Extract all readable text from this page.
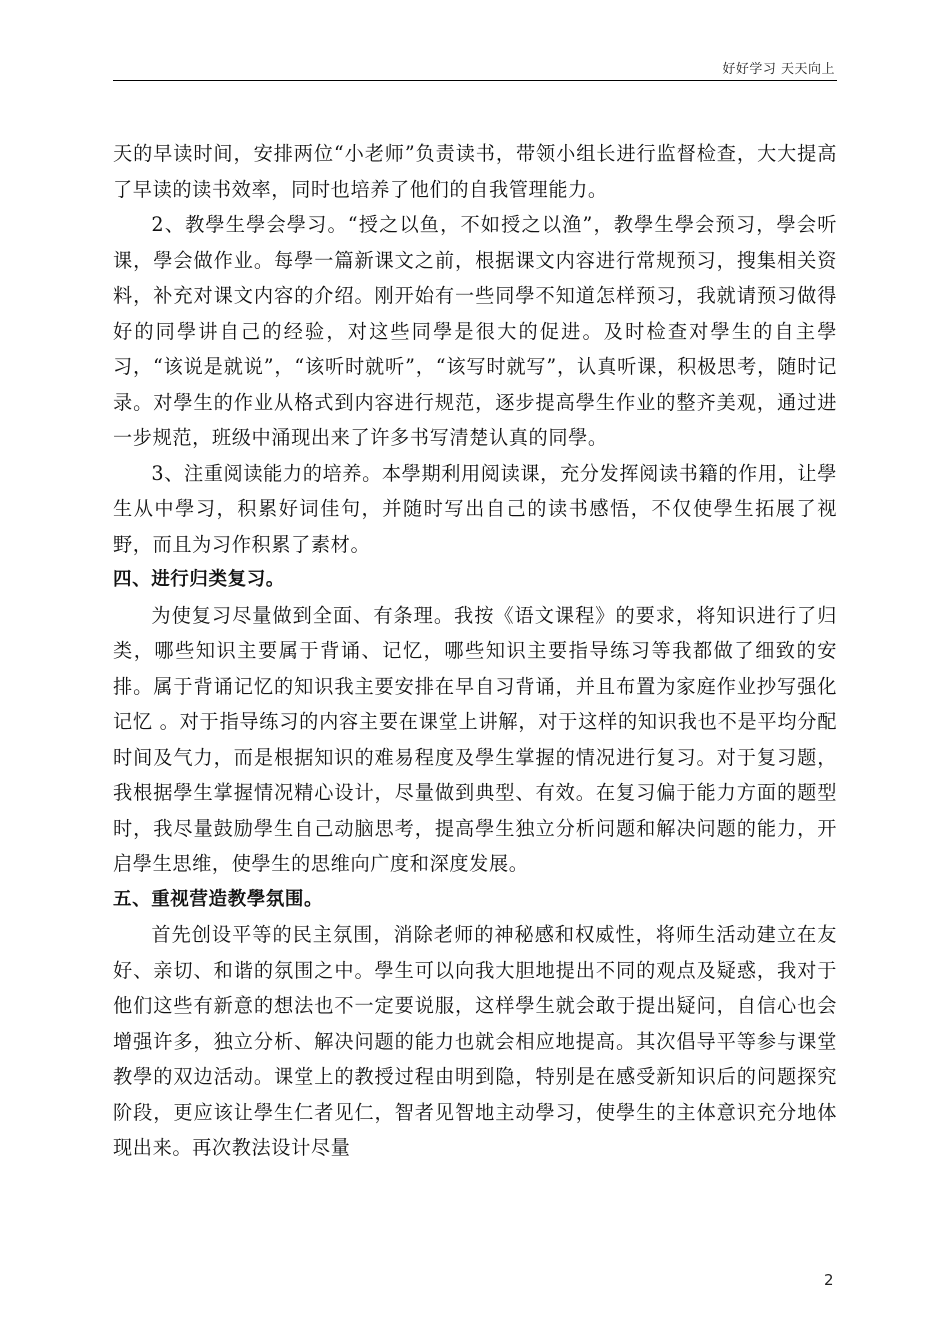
好好学习 天天向上

天的早读时间，安排两位“小老师”负责读书，带领小组长进行监督检查，大大提高了早读的读书效率，同时也培养了他们的自我管理能力。

2、教學生學会學习。“授之以鱼，不如授之以渔”，教學生學会预习，學会听课，學会做作业。每學一篇新课文之前，根据课文内容进行常规预习，搜集相关资料，补充对课文内容的介绍。刚开始有一些同學不知道怎样预习，我就请预习做得好的同學讲自己的经验，对这些同學是很大的促进。及时检查对學生的自主學习，“该说是就说”，“该听时就听”，“该写时就写”，认真听课，积极思考，随时记录。对學生的作业从格式到内容进行规范，逐步提高學生作业的整齐美观，通过进一步规范，班级中涌现出来了许多书写清楚认真的同學。

3、注重阅读能力的培养。本學期利用阅读课，充分发挥阅读书籍的作用，让學生从中學习，积累好词佳句，并随时写出自己的读书感悟，不仅使學生拓展了视野，而且为习作积累了素材。

四、进行归类复习。

为使复习尽量做到全面、有条理。我按《语文课程》的要求，将知识进行了归类，哪些知识主要属于背诵、记忆，哪些知识主要指导练习等我都做了细致的安排。属于背诵记忆的知识我主要安排在早自习背诵，并且布置为家庭作业抄写强化记忆 。对于指导练习的内容主要在课堂上讲解，对于这样的知识我也不是平均分配时间及气力，而是根据知识的难易程度及學生掌握的情况进行复习。对于复习题，我根据學生掌握情况精心设计，尽量做到典型、有效。在复习偏于能力方面的题型时，我尽量鼓励學生自己动脑思考，提高學生独立分析问题和解决问题的能力，开启學生思维，使學生的思维向广度和深度发展。

五、重视营造教學氛围。

首先创设平等的民主氛围，消除老师的神秘感和权威性，将师生活动建立在友好、亲切、和谐的氛围之中。學生可以向我大胆地提出不同的观点及疑惑，我对于他们这些有新意的想法也不一定要说服，这样學生就会敢于提出疑问，自信心也会增强许多，独立分析、解决问题的能力也就会相应地提高。其次倡导平等参与课堂教學的双边活动。课堂上的教授过程由明到隐，特别是在感受新知识后的问题探究阶段，更应该让學生仁者见仁，智者见智地主动學习，使學生的主体意识充分地体现出来。再次教法设计尽量

2
